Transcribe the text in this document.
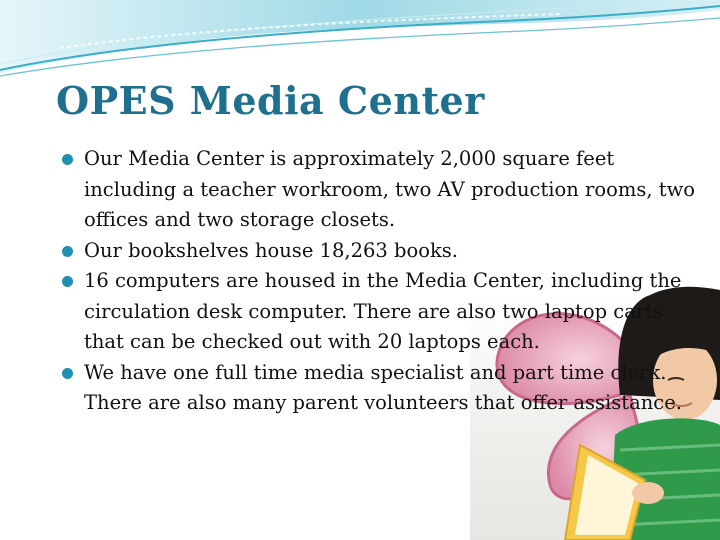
OPES Media Center
Our Media Center is approximately 2,000 square feet including a teacher workroom, two AV production rooms, two offices and two storage closets.
Our bookshelves house 18,263 books.
16 computers are housed in the Media Center, including the circulation desk computer. There are also two laptop carts that can be checked out with 20 laptops each.
We have one full time media specialist and part time clerk. There are also many parent volunteers that offer assistance.
